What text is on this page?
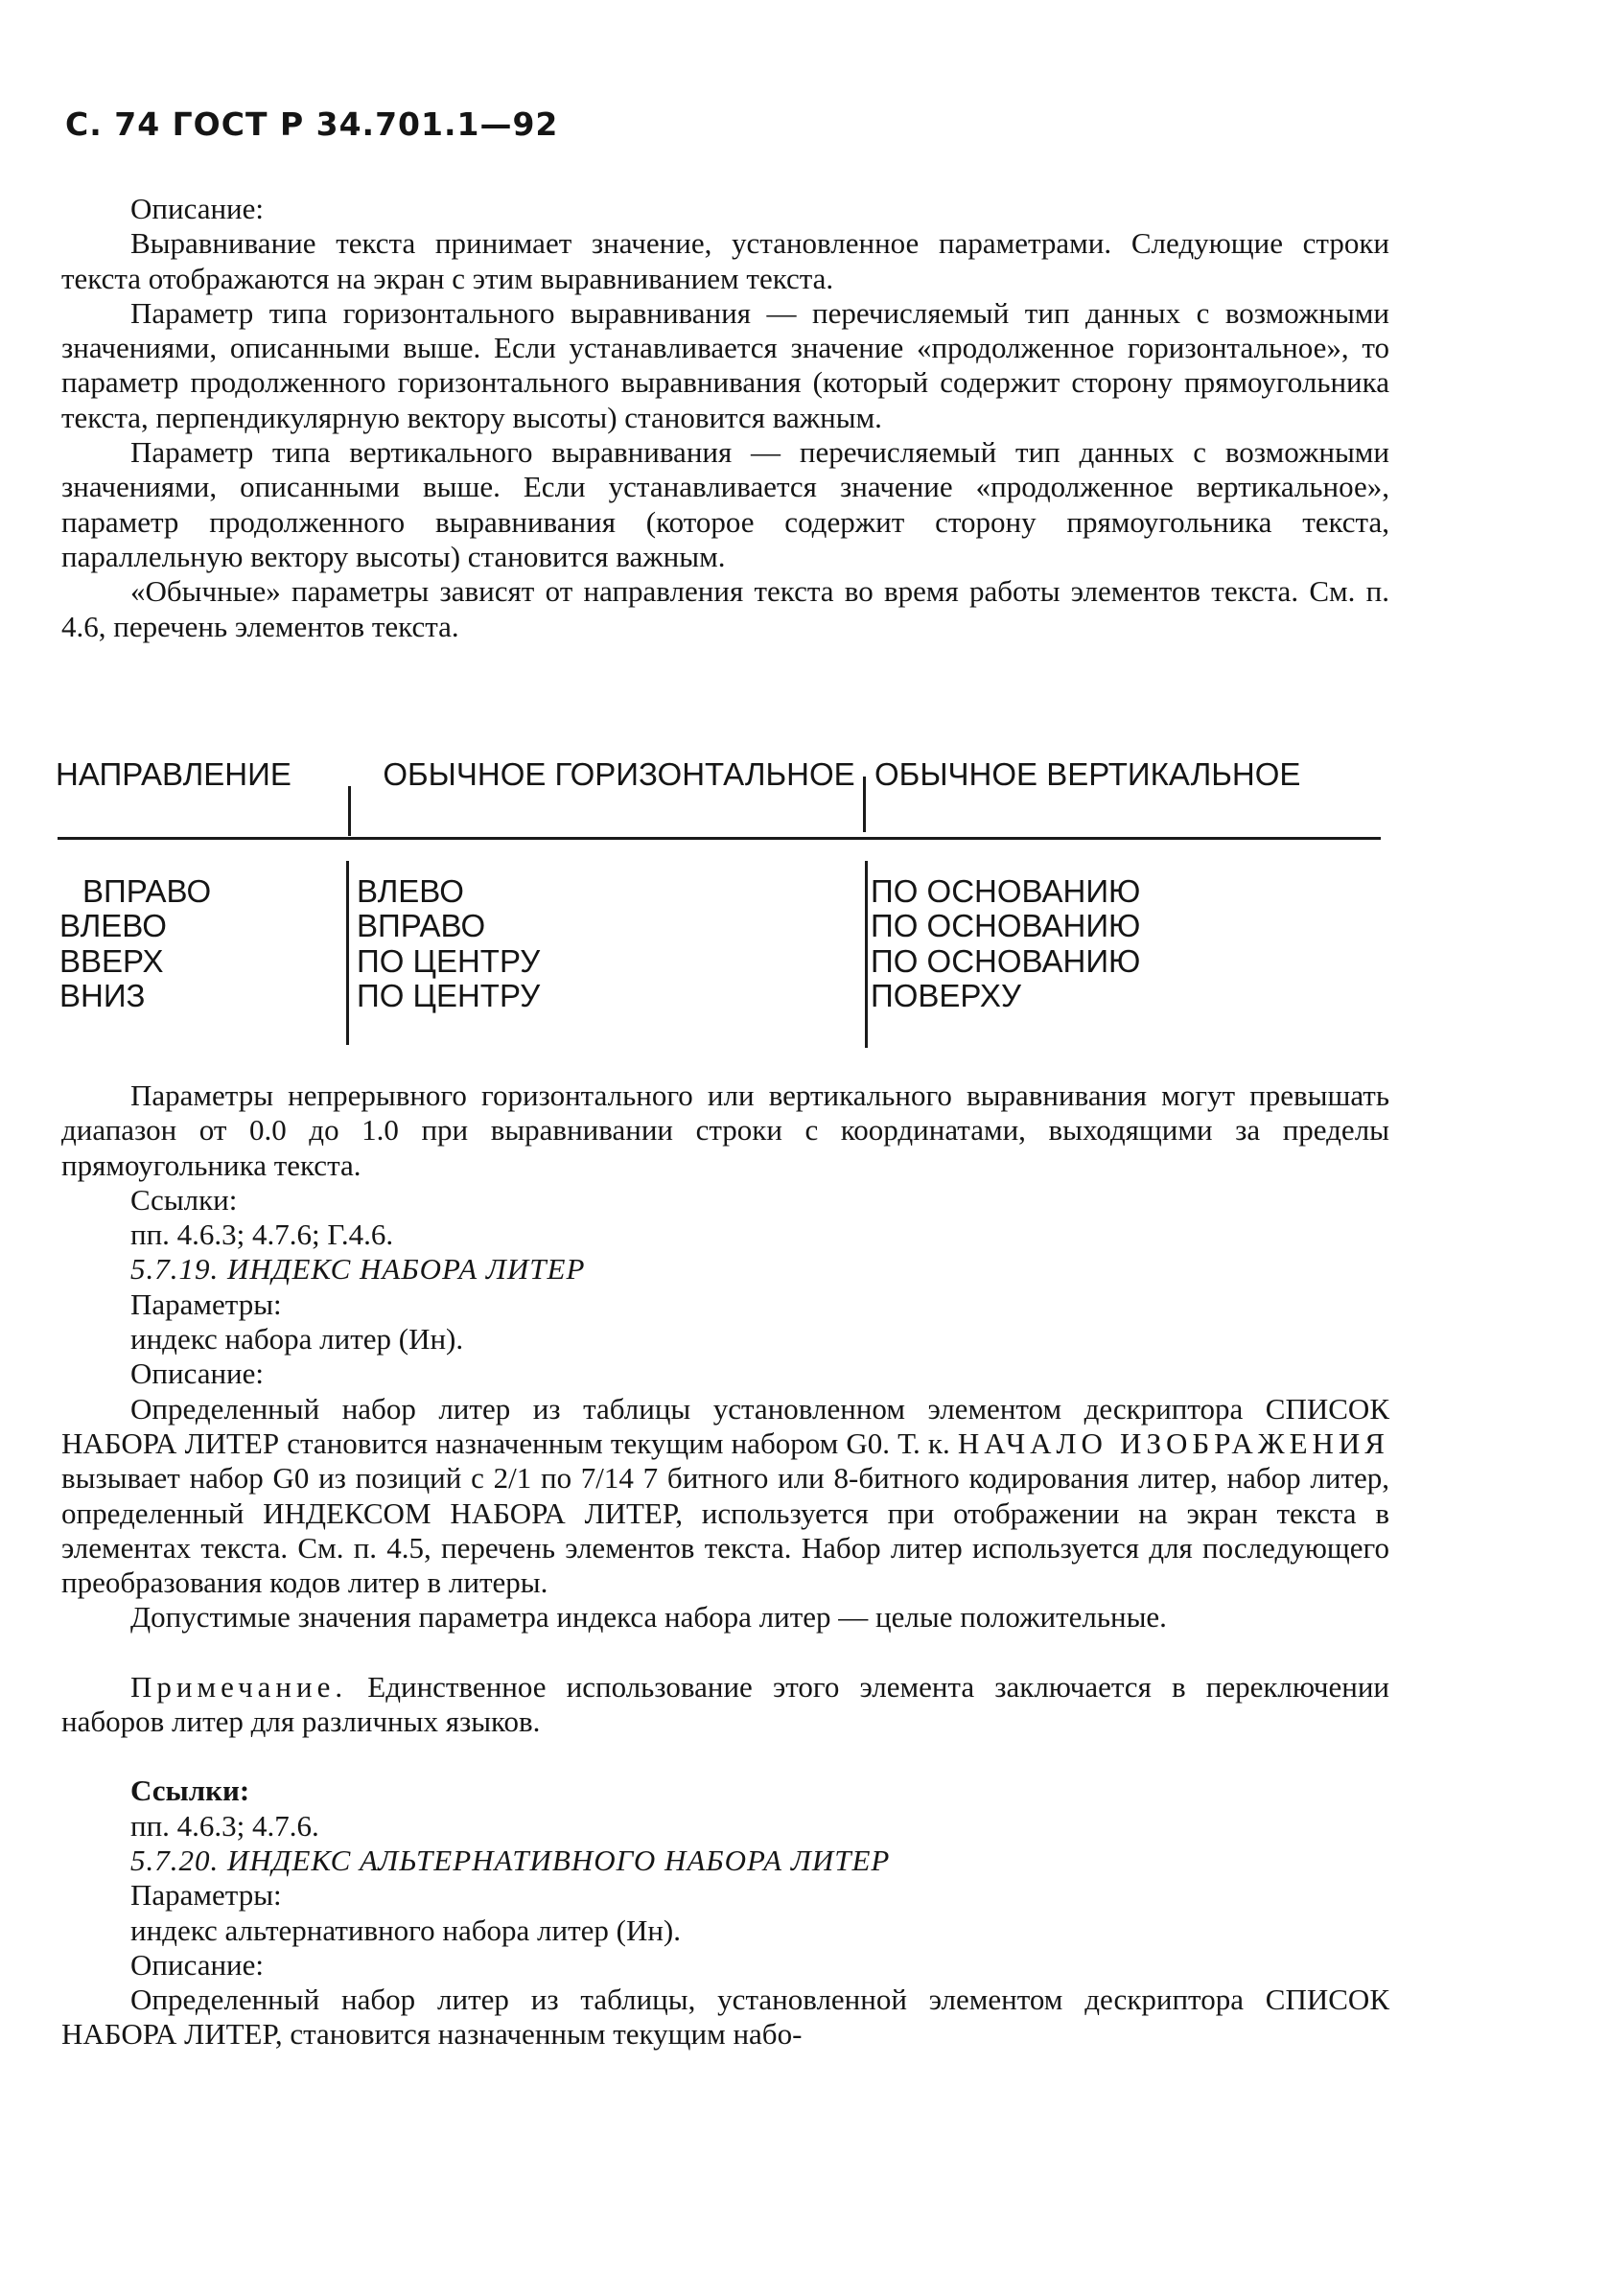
С. 74 ГОСТ Р 34.701.1—92

Описание:

Выравнивание текста принимает значение, установленное параметрами. Следующие строки текста отображаются на экран с этим выравниванием текста.

Параметр типа горизонтального выравнивания — перечисляемый тип данных с возможными значениями, описанными выше. Если устанавливается значение «продолженное горизонтальное», то параметр продолженного горизонтального выравнивания (который содержит сторону прямоугольника текста, перпендикулярную вектору высоты) становится важным.

Параметр типа вертикального выравнивания — перечисляемый тип данных с возможными значениями, описанными выше. Если устанавливается значение «продолженное вертикальное», параметр продолженного выравнивания (которое содержит сторону прямоугольника текста, параллельную вектору высоты) становится важным.

«Обычные» параметры зависят от направления текста во время работы элементов текста. См. п. 4.6, перечень элементов текста.

НАПРАВЛЕНИЕ	ОБЫЧНОЕ ГОРИЗОНТАЛЬНОЕ ОБЫЧНОЕ ВЕРТИКАЛЬНОЕ
ВПРАВО
ВЛЕВО
ВВЕРХ
ВНИЗ
ВЛЕВО
ВПРАВО
ПО ЦЕНТРУ
ПО ЦЕНТРУ
ПО ОСНОВАНИЮ
ПО ОСНОВАНИЮ
ПО ОСНОВАНИЮ
ПОВЕРХУ

Параметры непрерывного горизонтального или вертикального выравнивания могут превышать диапазон от 0.0 до 1.0 при выравнивании строки с координатами, выходящими за пределы прямоугольника текста.

Ссылки:

пп. 4.6.3; 4.7.6; Г.4.6.

5.7.19. ИНДЕКС НАБОРА ЛИТЕР

Параметры:

индекс набора литер (Ин).

Описание:

Определенный набор литер из таблицы установленном элементом дескриптора СПИСОК НАБОРА ЛИТЕР становится назначенным текущим набором G0. Т. к. НАЧАЛО ИЗОБРАЖЕНИЯ вызывает набор G0 из позиций с 2/1 по 7/14 7 битного или 8-битного кодирования литер, набор литер, определенный ИНДЕКСОМ НАБОРА ЛИТЕР, используется при отображении на экран текста в элементах текста. См. п. 4.5, перечень элементов текста. Набор литер используется для последующего преобразования кодов литер в литеры.

Допустимые значения параметра индекса набора литер — целые положительные.

Примечание. Единственное использование этого элемента заключается в переключении наборов литер для различных языков.

Ссылки:

пп. 4.6.3; 4.7.6.

5.7.20. ИНДЕКС АЛЬТЕРНАТИВНОГО НАБОРА ЛИТЕР

Параметры:

индекс альтернативного набора литер (Ин).

Описание:

Определенный набор литер из таблицы, установленной элементом дескриптора СПИСОК НАБОРА ЛИТЕР, становится назначенным текущим набо-
